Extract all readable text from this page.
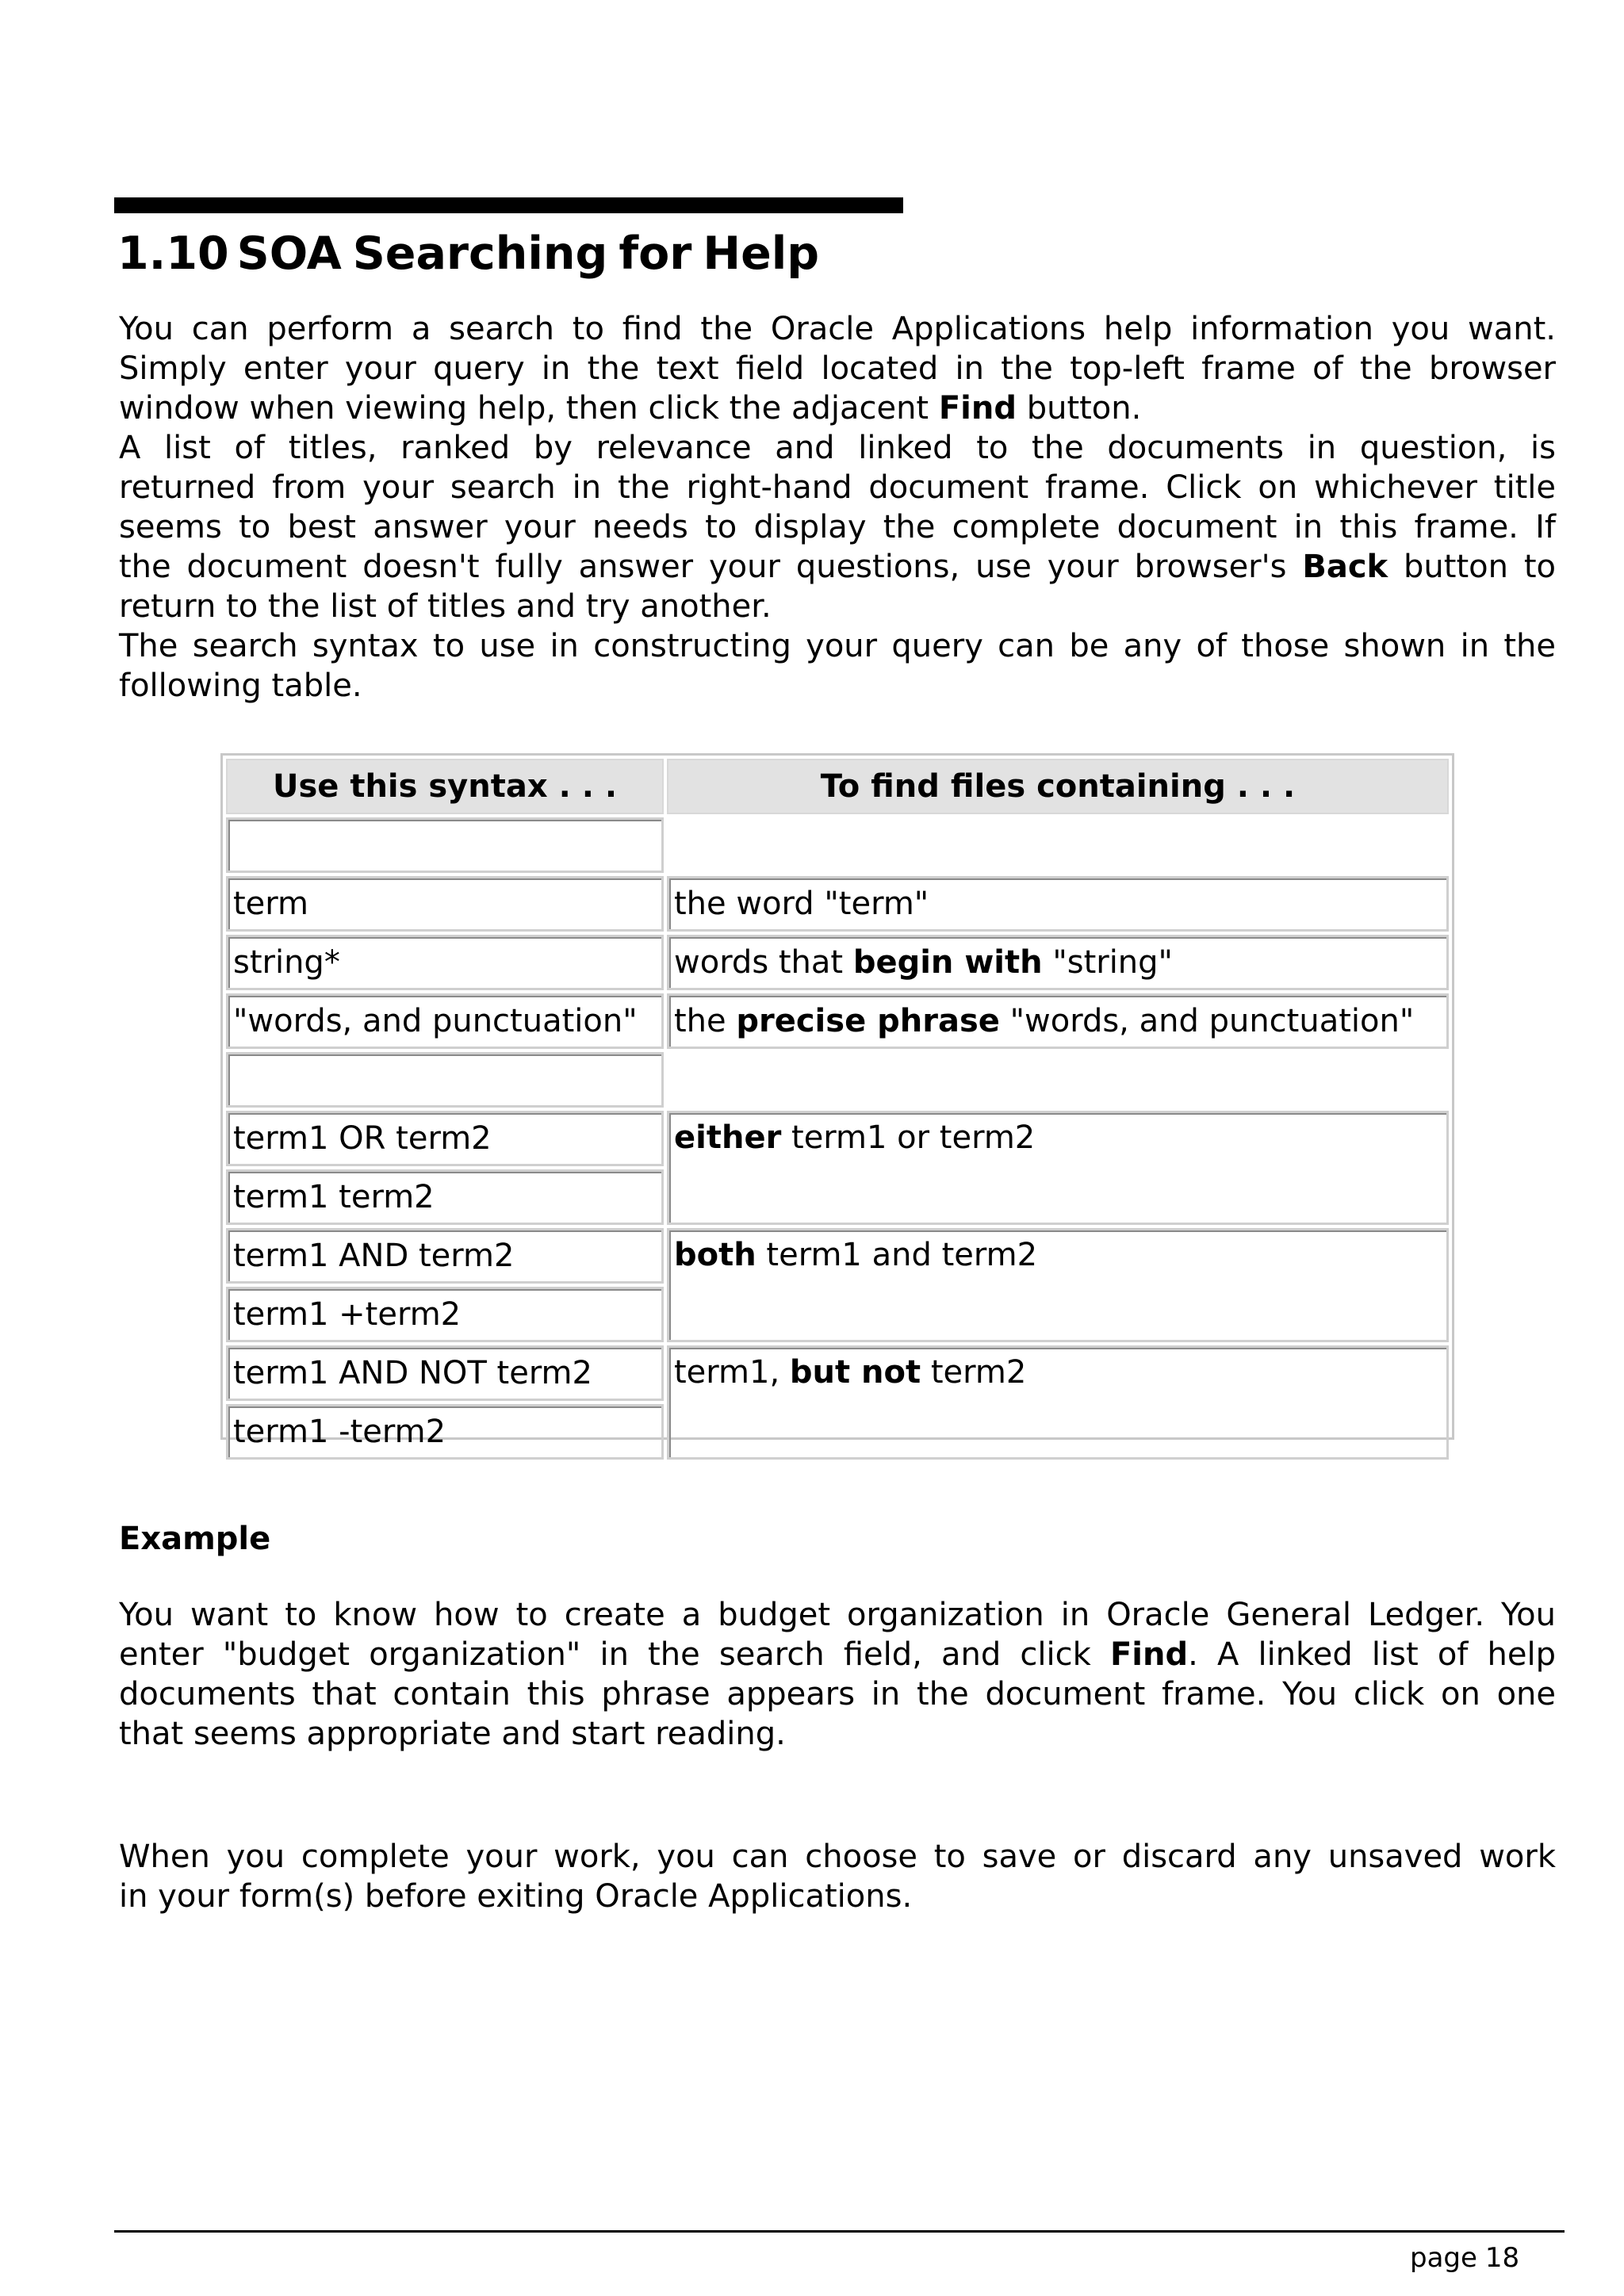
1.10 SOA Searching for Help
You can perform a search to find the Oracle Applications help information you want.
Simply enter your query in the text field located in the top-left frame of the browser
window when viewing help, then click the adjacent Find button.
A list of titles, ranked by relevance and linked to the documents in question, is
returned from your search in the right-hand document frame. Click on whichever title
seems to best answer your needs to display the complete document in this frame. If
the document doesn't fully answer your questions, use your browser's Back button to
return to the list of titles and try another.
The search syntax to use in constructing your query can be any of those shown in the
following table.
Use this syntax . . .	To find files containing . . .

term	the word "term"
string*	words that begin with "string"
"words, and punctuation"	the precise phrase "words, and punctuation"

term1 OR term2	either term1 or term2
term1 term2	
term1 AND term2	both term1 and term2
term1 +term2	
term1 AND NOT term2	term1, but not term2
term1 -term2	
Example
You want to know how to create a budget organization in Oracle General Ledger. You
enter "budget organization" in the search field, and click Find. A linked list of help
documents that contain this phrase appears in the document frame. You click on one
that seems appropriate and start reading.
When you complete your work, you can choose to save or discard any unsaved work
in your form(s) before exiting Oracle Applications.

page 18
